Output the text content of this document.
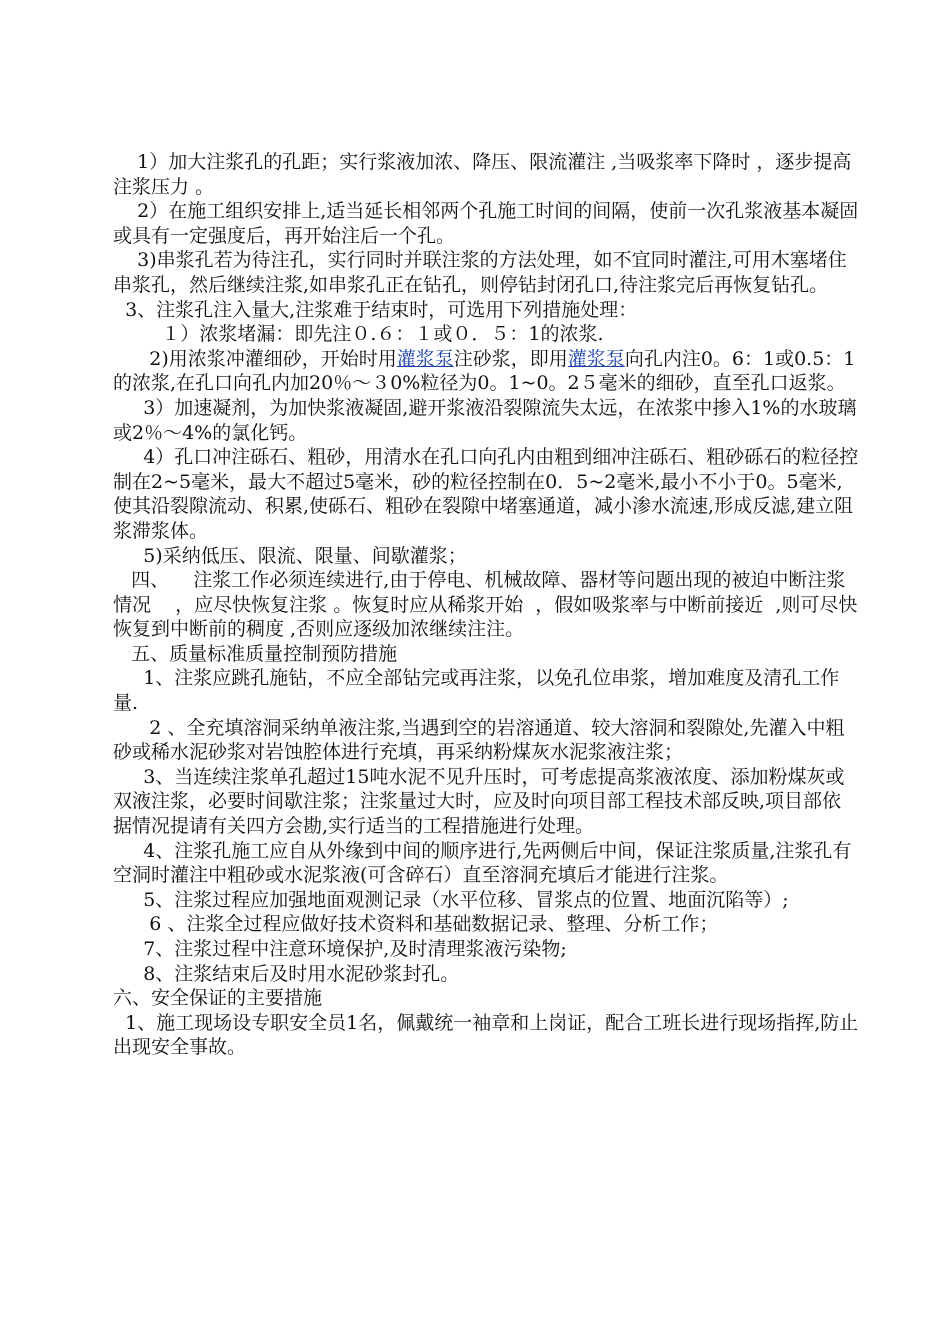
1）加大注浆孔的孔距；实行浆液加浓、降压、限流灌注 ,当吸浆率下降时 ，逐步提高注浆压力 。

2）在施工组织安排上,适当延长相邻两个孔施工时间的间隔，使前一次孔浆液基本凝固或具有一定强度后，再开始注后一个孔。

3)串浆孔若为待注孔，实行同时并联注浆的方法处理，如不宜同时灌注,可用木塞堵住串浆孔，然后继续注浆,如串浆孔正在钻孔，则停钻封闭孔口,待注浆完后再恢复钻孔。

3、注浆孔注入量大,注浆难于结束时，可选用下列措施处理：

１）浓浆堵漏：即先注０.６：１或０．５：1的浓浆.

2)用浓浆冲灌细砂，开始时用灌浆泵注砂浆，即用灌浆泵向孔内注0。6：1或0.5：1的浓浆,在孔口向孔内加20％～３0%粒径为0。1~0。2５毫米的细砂，直至孔口返浆。

3）加速凝剂，为加快浆液凝固,避开浆液沿裂隙流失太远，在浓浆中掺入1%的水玻璃或2％～4%的氯化钙。

4）孔口冲注砾石、粗砂，用清水在孔口向孔内由粗到细冲注砾石、粗砂砾石的粒径控制在2~5毫米，最大不超过5毫米，砂的粒径控制在0．5~2毫米,最小不小于0。5毫米,使其沿裂隙流动、积累,使砾石、粗砂在裂隙中堵塞通道，减小渗水流速,形成反滤,建立阻浆滞浆体。

5)采纳低压、限流、限量、间歇灌浆；

四、    注浆工作必须连续进行,由于停电、机械故障、器材等问题出现的被迫中断注浆情况    ，应尽快恢复注浆 。恢复时应从稀浆开始  ，假如吸浆率与中断前接近  ,则可尽快恢复到中断前的稠度 ,否则应逐级加浓继续注注。

五、质量标准质量控制预防措施

1、注浆应跳孔施钻，不应全部钻完或再注浆，以免孔位串浆，增加难度及清孔工作量.

2 、全充填溶洞采纳单液注浆,当遇到空的岩溶通道、较大溶洞和裂隙处,先灌入中粗砂或稀水泥砂浆对岩蚀腔体进行充填，再采纳粉煤灰水泥浆液注浆；

3、当连续注浆单孔超过15吨水泥不见升压时，可考虑提高浆液浓度、添加粉煤灰或双液注浆，必要时间歇注浆；注浆量过大时，应及时向项目部工程技术部反映,项目部依据情况提请有关四方会勘,实行适当的工程措施进行处理。

4、注浆孔施工应自从外缘到中间的顺序进行,先两侧后中间，保证注浆质量,注浆孔有空洞时灌注中粗砂或水泥浆液(可含碎石）直至溶洞充填后才能进行注浆。

5、注浆过程应加强地面观测记录（水平位移、冒浆点的位置、地面沉陷等）;

6 、注浆全过程应做好技术资料和基础数据记录、整理、分析工作；

7、注浆过程中注意环境保护,及时清理浆液污染物;

8、注浆结束后及时用水泥砂浆封孔。

六、安全保证的主要措施

1、施工现场设专职安全员1名，佩戴统一袖章和上岗证，配合工班长进行现场指挥,防止出现安全事故。
